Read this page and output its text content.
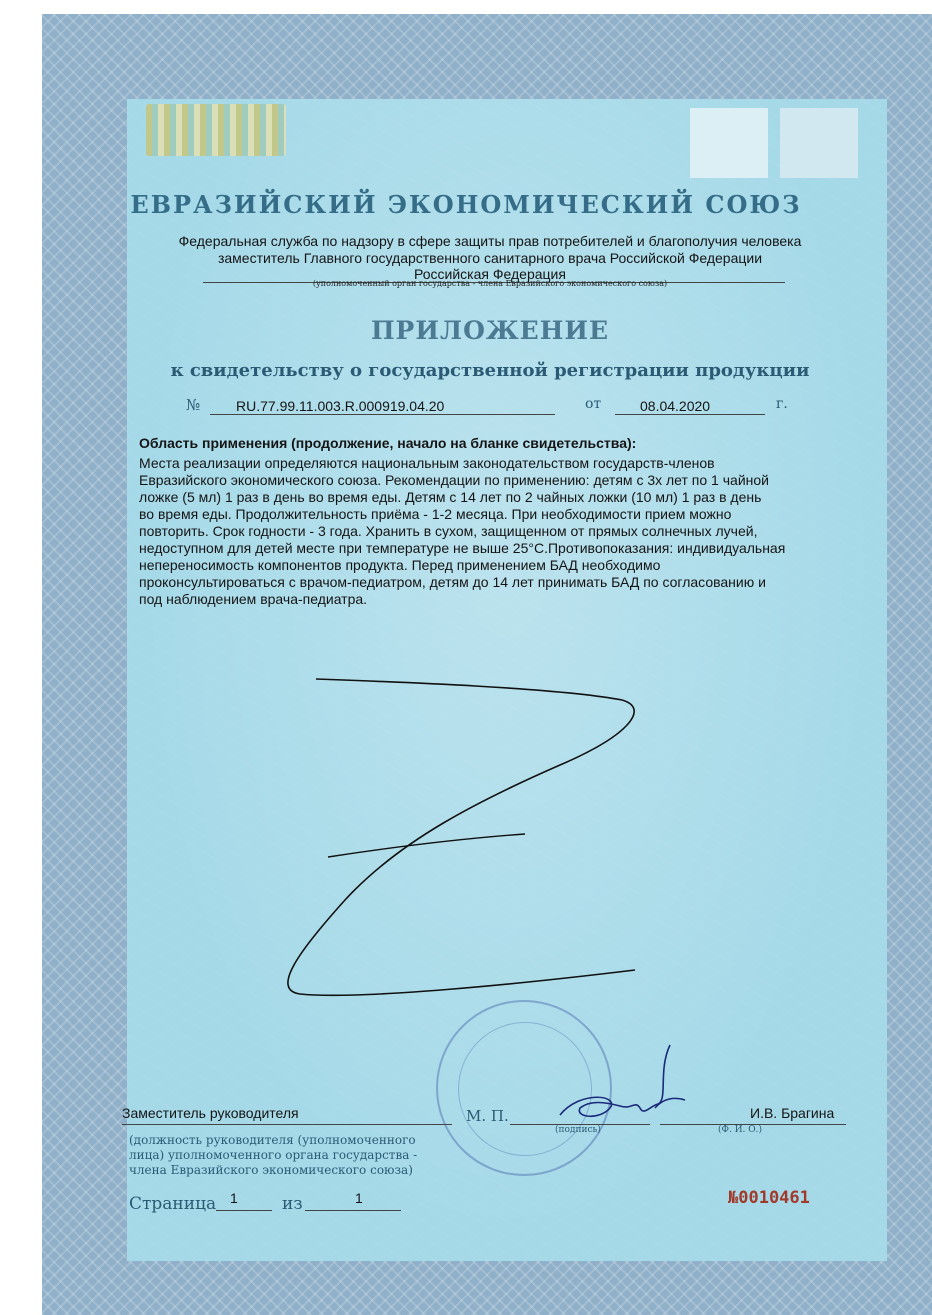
ЕВРАЗИЙСКИЙ ЭКОНОМИЧЕСКИЙ СОЮЗ
Федеральная служба по надзору в сфере защиты прав потребителей и благополучия человека
заместитель Главного государственного санитарного врача Российской Федерации
Российская Федерация
(уполномоченный орган государства - члена Евразийского экономического союза)
ПРИЛОЖЕНИЕ
к свидетельству о государственной регистрации продукции
№	RU.77.99.11.003.R.000919.04.20	от	08.04.2020	г.
Область применения (продолжение, начало на бланке свидетельства):
Места реализации определяются национальным законодательством государств-членов
Евразийского экономического союза. Рекомендации по применению: детям с 3х лет по 1 чайной
ложке (5 мл) 1 раз в день во время еды. Детям с 14 лет по 2 чайных ложки (10 мл) 1 раз в день
во время еды. Продолжительность приёма - 1-2 месяца. При необходимости прием можно
повторить. Срок годности - 3 года. Хранить в сухом, защищенном от прямых солнечных лучей,
недоступном для детей месте при температуре не выше 25°С.Противопоказания: индивидуальная
непереносимость компонентов продукта. Перед применением БАД необходимо
проконсультироваться с врачом-педиатром, детям до 14 лет принимать БАД по согласованию и
под наблюдением врача-педиатра.
Заместитель руководителя	М. П.
(подпись)
И.В. Брагина
(Ф. И. О.)
(должность руководителя (уполномоченного
лица) уполномоченного органа государства -
члена Евразийского экономического союза)
Страница 1	из	1	№0010461
